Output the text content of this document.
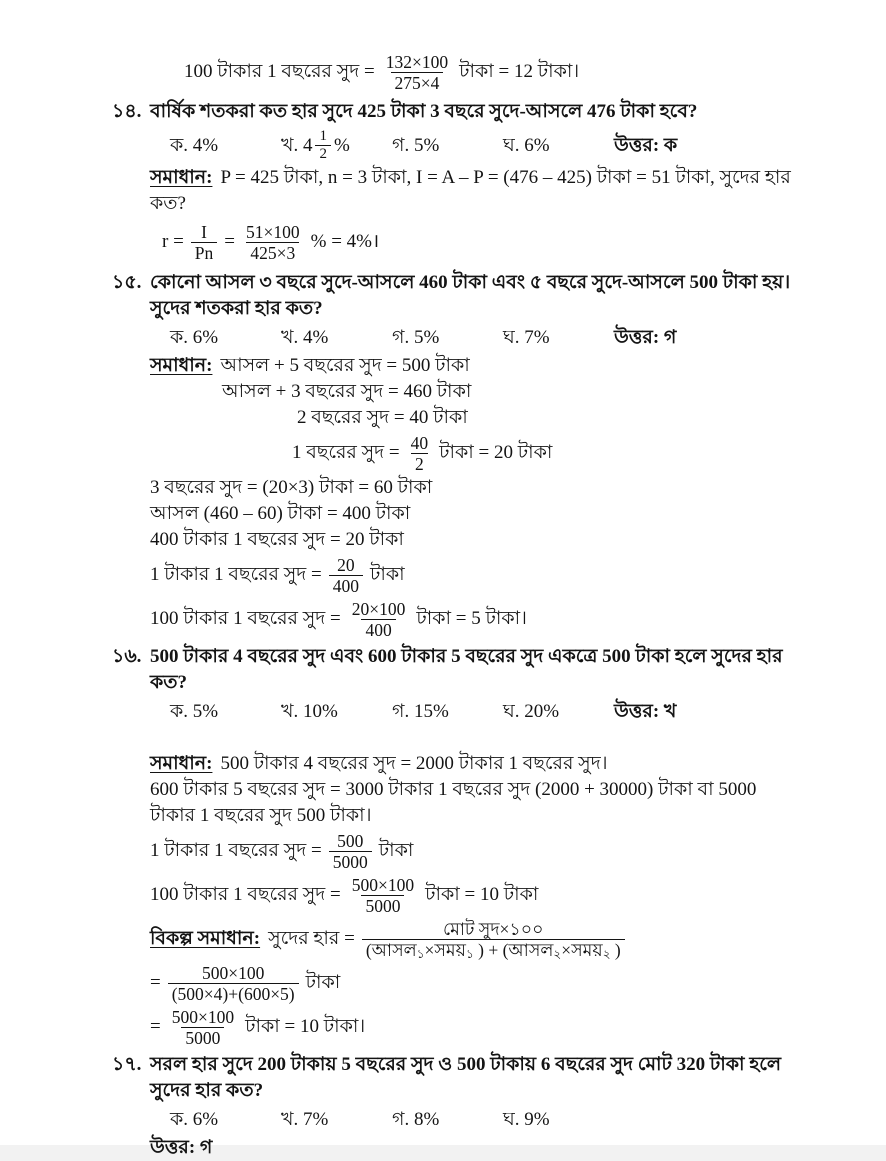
100 টাকার 1 বছরের সুদ = $\frac{132\times 100}{275\times 4}$ টাকা = 12 টাকা।
১৪. বার্ষিক শতকরা কত হার সুদে 425 টাকা 3 বছরে সুদে-আসলে 476 টাকা হবে?
ক. 4%	খ. $4 \frac{1}{2}$ % গ. 5%	ঘ. 6%	উত্তর: ক
সমাধান: P = 425 টাকা, n = 3 টাকা, I = A – P = (476 – 425) টাকা = 51 টাকা, সুদের হার কত?
$r = \frac{I}{Pn} = \frac{51\times 100}{425\times 3}$ % = 4%।
১৫. কোনো আসল ৩ বছরে সুদে-আসলে 460 টাকা এবং ৫ বছরে সুদে-আসলে 500 টাকা হয়। সুদের শতকরা হার কত?
ক. 6%	খ. 4%	গ. 5%	ঘ. 7%	উত্তর: গ
সমাধান: আসল + 5 বছরের সুদ = 500 টাকা
আসল + 3 বছরের সুদ = 460 টাকা
2 বছরের সুদ = 40 টাকা
1 বছরের সুদ = $\frac{40}{2}$ টাকা = 20 টাকা
3 বছরের সুদ = (20×3) টাকা = 60 টাকা
আসল (460 – 60) টাকা = 400 টাকা
400 টাকার 1 বছরের সুদ = 20 টাকা
1 টাকার 1 বছরের সুদ = $\frac{20}{400}$ টাকা
100 টাকার 1 বছরের সুদ = $\frac{20\times 100}{400}$ টাকা = 5 টাকা।
১৬. 500 টাকার 4 বছরের সুদ এবং 600 টাকার 5 বছরের সুদ একত্রে 500 টাকা হলে সুদের হার কত?
ক. 5%	খ. 10%	গ. 15%	ঘ. 20%	উত্তর: খ
সমাধান: 500 টাকার 4 বছরের সুদ = 2000 টাকার 1 বছরের সুদ।
600 টাকার 5 বছরের সুদ = 3000 টাকার 1 বছরের সুদ (2000 + 30000) টাকা বা 5000 টাকার 1 বছরের সুদ 500 টাকা।
1 টাকার 1 বছরের সুদ = $\frac{500}{5000}$ টাকা
100 টাকার 1 বছরের সুদ = $\frac{500\times 100}{5000}$ টাকা = 10 টাকা
বিকল্প সমাধান: সুদের হার = $\frac{\text{মোট সুদ×১০০}}{\text{(আসল ১ ×সময় ১ ) + (আসল ২ ×সময় ২ )}}$
= $\frac{500\times 100}{(500\times 4)+(600\times 5)}$ টাকা
= $\frac{500\times 100}{5000}$ টাকা = 10 টাকা।
১৭. সরল হার সুদে 200 টাকায় 5 বছরের সুদ ও 500 টাকায় 6 বছরের সুদ মোট 320 টাকা হলে সুদের হার কত?
ক. 6%	খ. 7%	গ. 8%	ঘ. 9%
উত্তর: গ
